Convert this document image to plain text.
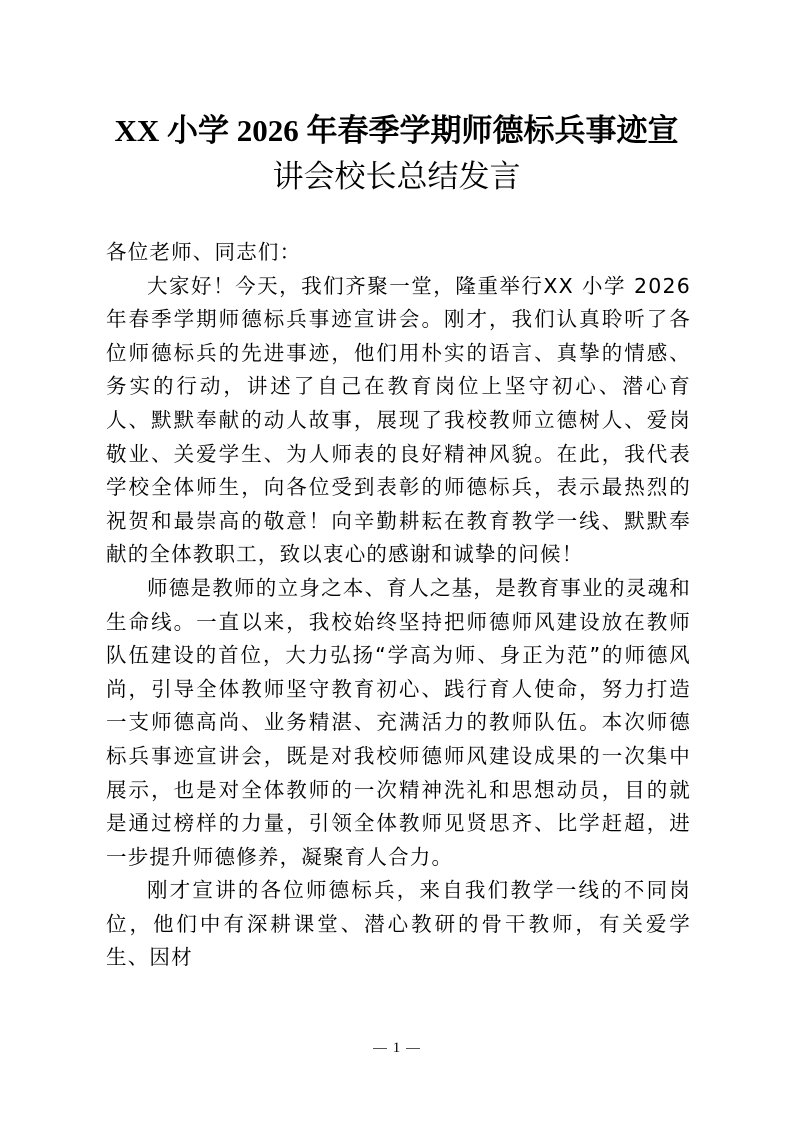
XX 小学 2026 年春季学期师德标兵事迹宣
讲会校长总结发言

各位老师、同志们：

大家好！今天，我们齐聚一堂，隆重举行XX 小学 2026 年春季学期师德标兵事迹宣讲会。刚才，我们认真聆听了各位师德标兵的先进事迹，他们用朴实的语言、真挚的情感、务实的行动，讲述了自己在教育岗位上坚守初心、潜心育人、默默奉献的动人故事，展现了我校教师立德树人、爱岗敬业、关爱学生、为人师表的良好精神风貌。在此，我代表学校全体师生，向各位受到表彰的师德标兵，表示最热烈的祝贺和最崇高的敬意！向辛勤耕耘在教育教学一线、默默奉献的全体教职工，致以衷心的感谢和诚挚的问候！

师德是教师的立身之本、育人之基，是教育事业的灵魂和生命线。一直以来，我校始终坚持把师德师风建设放在教师队伍建设的首位，大力弘扬“学高为师、身正为范”的师德风尚，引导全体教师坚守教育初心、践行育人使命，努力打造一支师德高尚、业务精湛、充满活力的教师队伍。本次师德标兵事迹宣讲会，既是对我校师德师风建设成果的一次集中展示，也是对全体教师的一次精神洗礼和思想动员，目的就是通过榜样的力量，引领全体教师见贤思齐、比学赶超，进一步提升师德修养，凝聚育人合力。

刚才宣讲的各位师德标兵，来自我们教学一线的不同岗位，他们中有深耕课堂、潜心教研的骨干教师，有关爱学生、因材

1
